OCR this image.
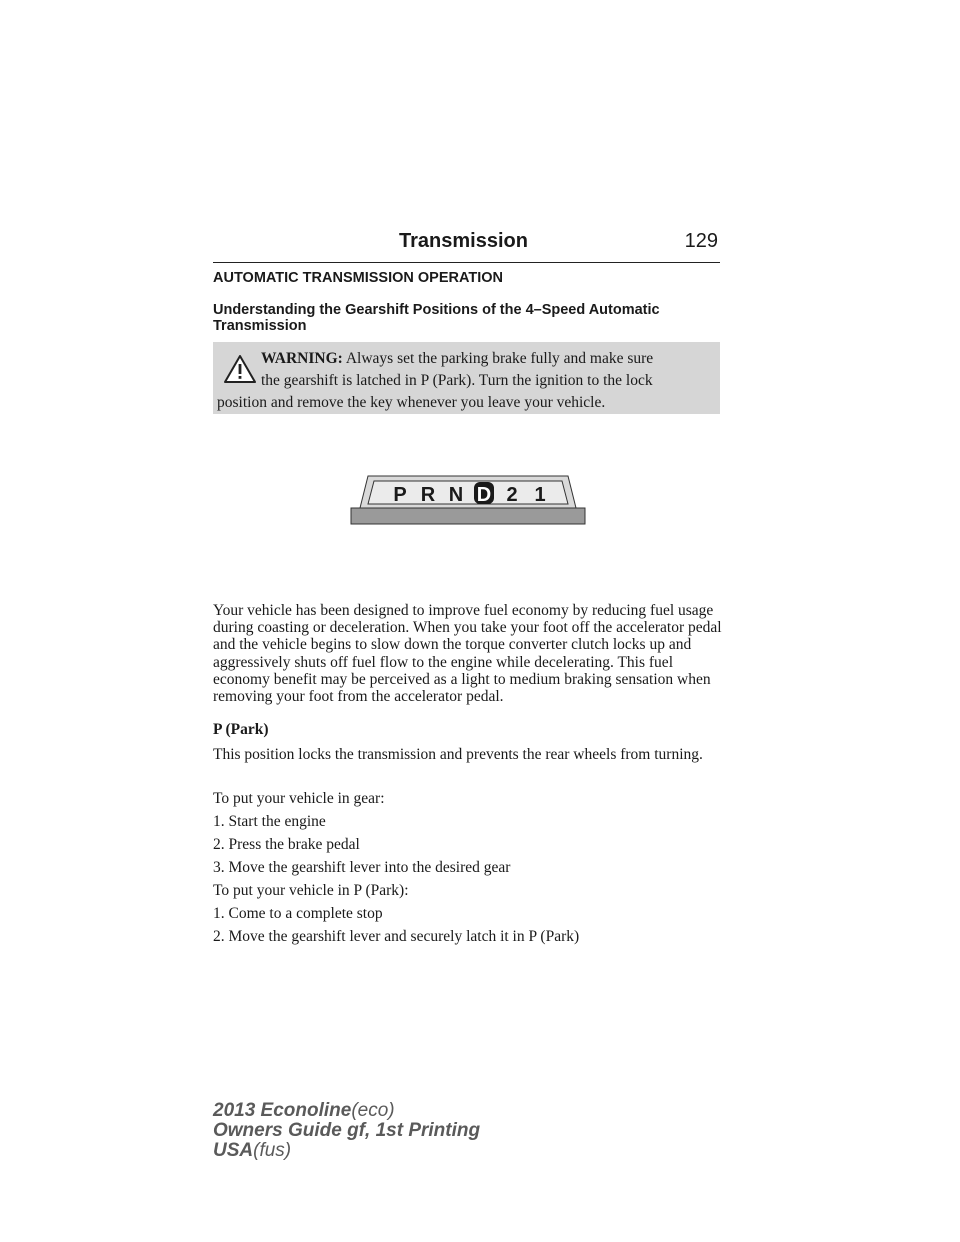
Transmission	129
AUTOMATIC TRANSMISSION OPERATION
Understanding the Gearshift Positions of the 4–Speed Automatic Transmission
WARNING: Always set the parking brake fully and make sure
the gearshift is latched in P (Park). Turn the ignition to the lock
position and remove the key whenever you leave your vehicle.
P R N D 2 1
Your vehicle has been designed to improve fuel economy by reducing fuel usage during coasting or deceleration. When you take your foot off the accelerator pedal and the vehicle begins to slow down the torque converter clutch locks up and aggressively shuts off fuel flow to the engine while decelerating. This fuel economy benefit may be perceived as a light to medium braking sensation when removing your foot from the accelerator pedal.
P (Park)
This position locks the transmission and prevents the rear wheels from turning.
To put your vehicle in gear:
1. Start the engine
2. Press the brake pedal
3. Move the gearshift lever into the desired gear
To put your vehicle in P (Park):
1. Come to a complete stop
2. Move the gearshift lever and securely latch it in P (Park)
2013 Econoline(eco)
Owners Guide gf, 1st Printing
USA(fus)
